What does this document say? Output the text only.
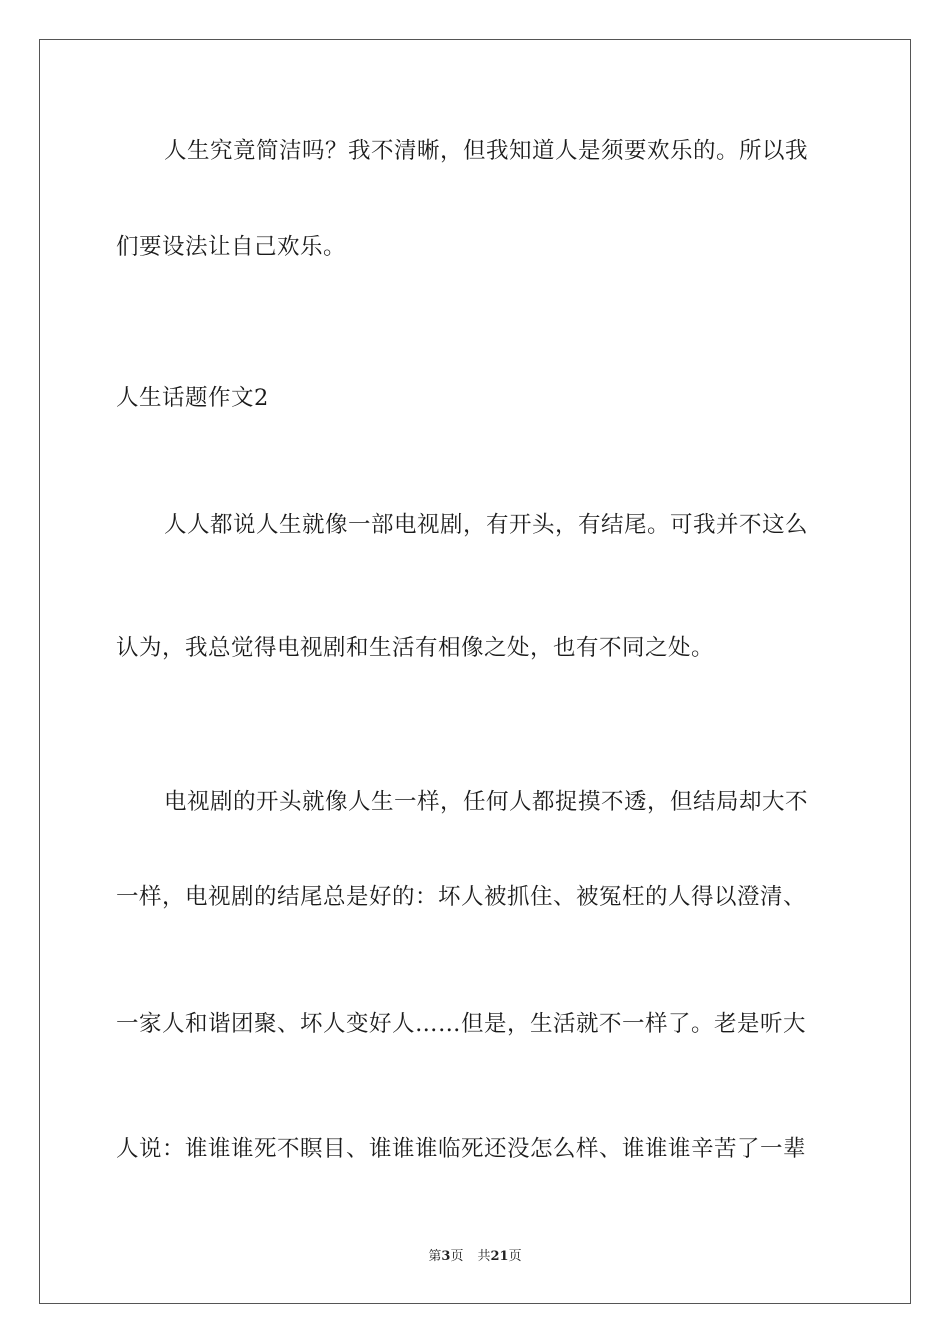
人生究竟简洁吗？我不清晰，但我知道人是须要欢乐的。所以我
们要设法让自己欢乐。
人生话题作文2
人人都说人生就像一部电视剧，有开头，有结尾。可我并不这么
认为，我总觉得电视剧和生活有相像之处，也有不同之处。
电视剧的开头就像人生一样，任何人都捉摸不透，但结局却大不
一样，电视剧的结尾总是好的：坏人被抓住、被冤枉的人得以澄清、
一家人和谐团聚、坏人变好人……但是，生活就不一样了。老是听大
人说：谁谁谁死不瞑目、谁谁谁临死还没怎么样、谁谁谁辛苦了一辈
第3页 共21页
